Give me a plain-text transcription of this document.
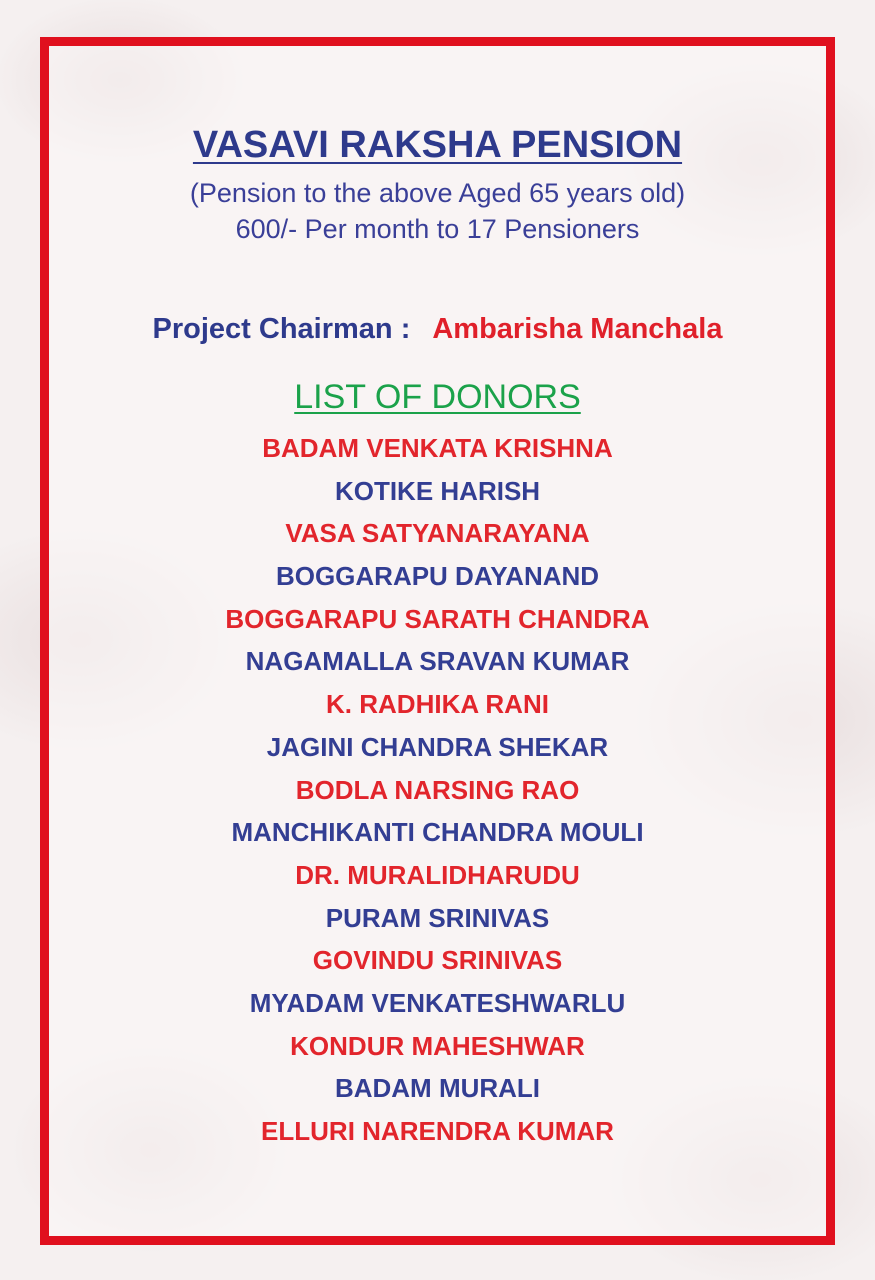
VASAVI RAKSHA PENSION
(Pension to the above Aged 65 years old)
600/- Per month to 17 Pensioners
Project Chairman : Ambarisha Manchala
LIST OF DONORS
BADAM VENKATA KRISHNA
KOTIKE HARISH
VASA SATYANARAYANA
BOGGARAPU DAYANAND
BOGGARAPU SARATH CHANDRA
NAGAMALLA SRAVAN KUMAR
K. RADHIKA RANI
JAGINI CHANDRA SHEKAR
BODLA NARSING RAO
MANCHIKANTI CHANDRA MOULI
DR. MURALIDHARUDU
PURAM SRINIVAS
GOVINDU SRINIVAS
MYADAM VENKATESHWARLU
KONDUR MAHESHWAR
BADAM MURALI
ELLURI NARENDRA KUMAR
